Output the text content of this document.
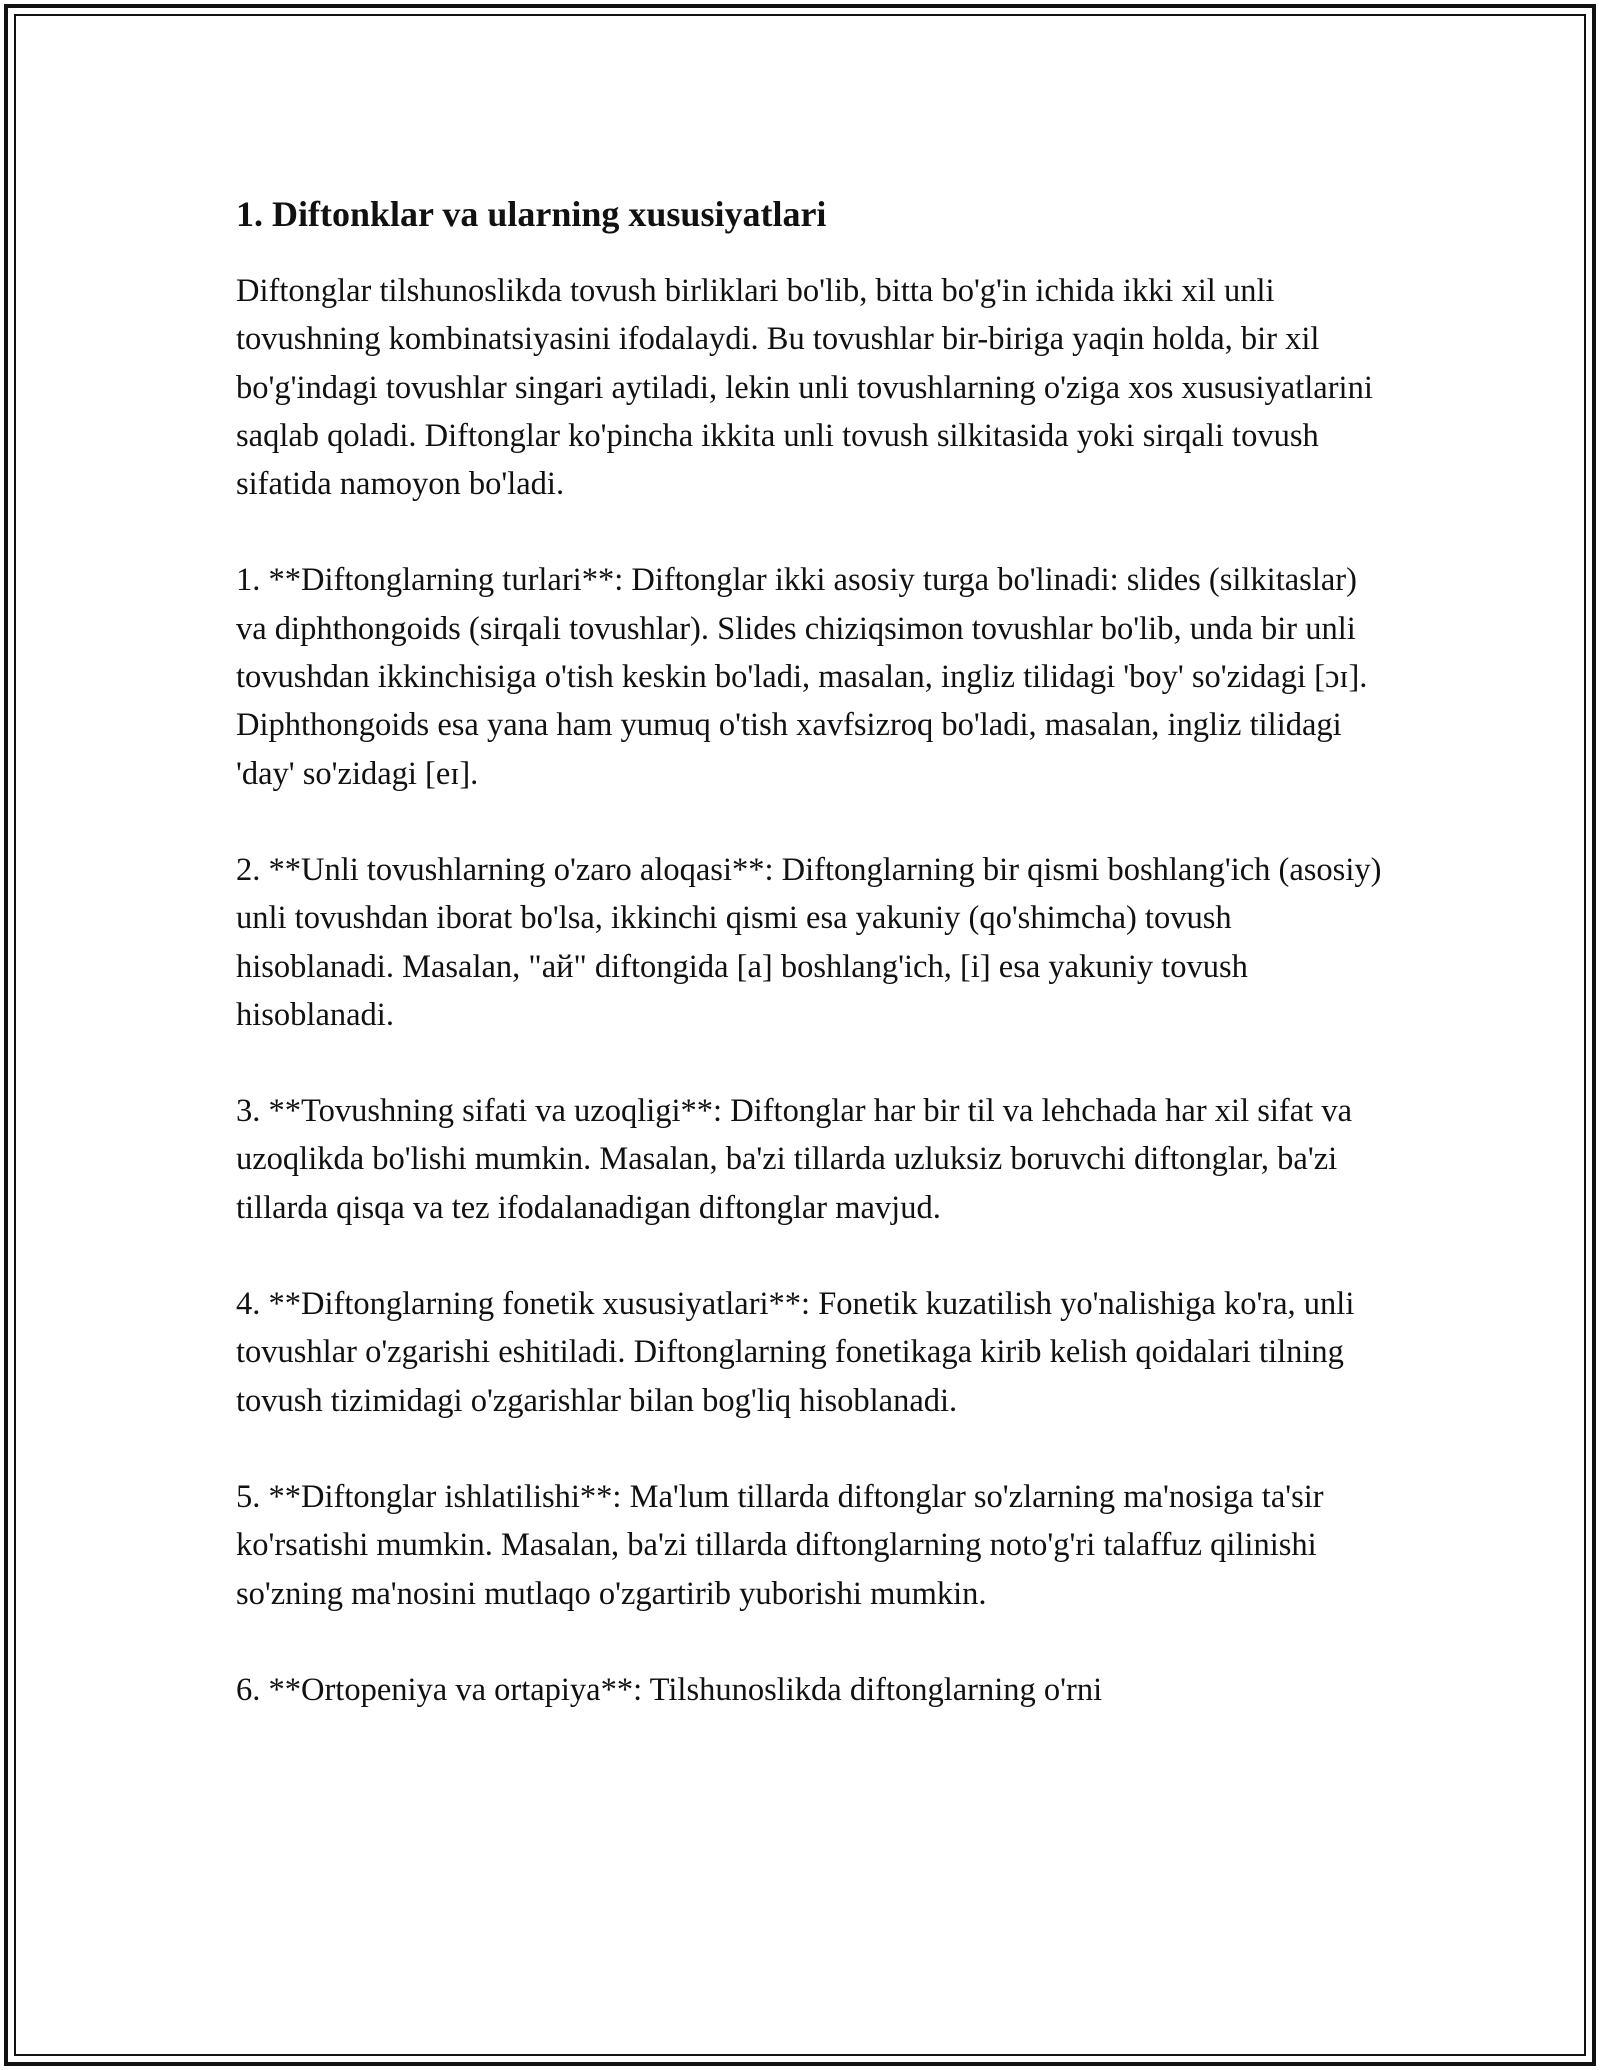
1. Diftonklar va ularning xususiyatlari

Diftonglar tilshunoslikda tovush birliklari bo'lib, bitta bo'g'in ichida ikki xil unli tovushning kombinatsiyasini ifodalaydi. Bu tovushlar bir-biriga yaqin holda, bir xil bo'g'indagi tovushlar singari aytiladi, lekin unli tovushlarning o'ziga xos xususiyatlarini saqlab qoladi. Diftonglar ko'pincha ikkita unli tovush silkitasida yoki sirqali tovush sifatida namoyon bo'ladi.

1. **Diftonglarning turlari**: Diftonglar ikki asosiy turga bo'linadi: slides (silkitaslar) va diphthongoids (sirqali tovushlar). Slides chiziqsimon tovushlar bo'lib, unda bir unli tovushdan ikkinchisiga o'tish keskin bo'ladi, masalan, ingliz tilidagi 'boy' so'zidagi [ɔɪ]. Diphthongoids esa yana ham yumuq o'tish xavfsizroq bo'ladi, masalan, ingliz tilidagi 'day' so'zidagi [eɪ].

2. **Unli tovushlarning o'zaro aloqasi**: Diftonglarning bir qismi boshlang'ich (asosiy) unli tovushdan iborat bo'lsa, ikkinchi qismi esa yakuniy (qo'shimcha) tovush hisoblanadi. Masalan, "ай" diftongida [a] boshlang'ich, [i] esa yakuniy tovush hisoblanadi.

3. **Tovushning sifati va uzoqligi**: Diftonglar har bir til va lehchada har xil sifat va uzoqlikda bo'lishi mumkin. Masalan, ba'zi tillarda uzluksiz boruvchi diftonglar, ba'zi tillarda qisqa va tez ifodalanadigan diftonglar mavjud.

4. **Diftonglarning fonetik xususiyatlari**: Fonetik kuzatilish yo'nalishiga ko'ra, unli tovushlar o'zgarishi eshitiladi. Diftonglarning fonetikaga kirib kelish qoidalari tilning tovush tizimidagi o'zgarishlar bilan bog'liq hisoblanadi.

5. **Diftonglar ishlatilishi**: Ma'lum tillarda diftonglar so'zlarning ma'nosiga ta'sir ko'rsatishi mumkin. Masalan, ba'zi tillarda diftonglarning noto'g'ri talaffuz qilinishi so'zning ma'nosini mutlaqo o'zgartirib yuborishi mumkin.

6. **Ortopeniya va ortapiya**: Tilshunoslikda diftonglarning o'rni
